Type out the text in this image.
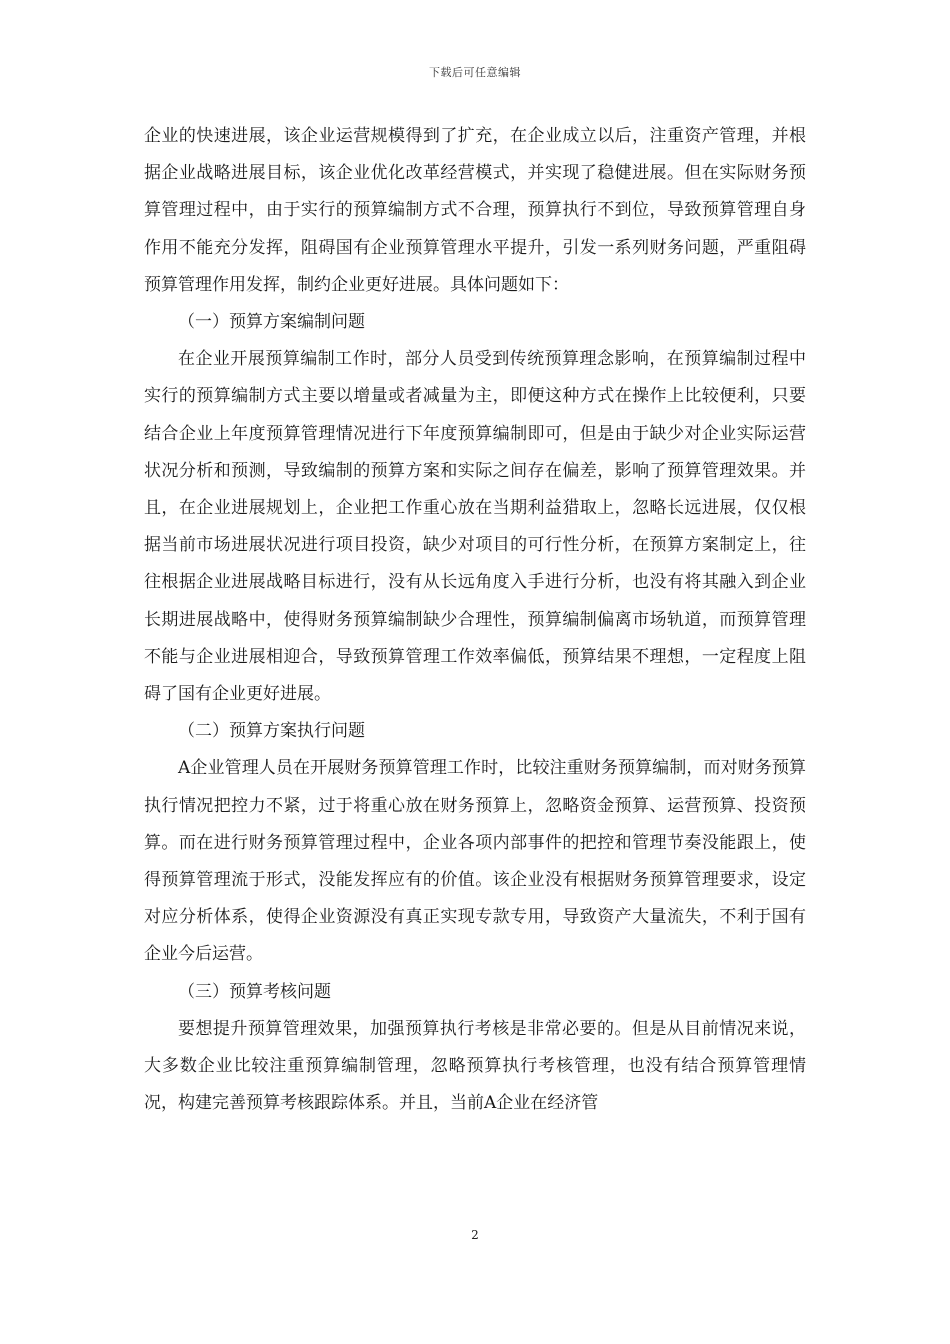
下载后可任意编辑

企业的快速进展，该企业运营规模得到了扩充，在企业成立以后，注重资产管理，并根据企业战略进展目标，该企业优化改革经营模式，并实现了稳健进展。但在实际财务预算管理过程中，由于实行的预算编制方式不合理，预算执行不到位，导致预算管理自身作用不能充分发挥，阻碍国有企业预算管理水平提升，引发一系列财务问题，严重阻碍预算管理作用发挥，制约企业更好进展。具体问题如下：

（一）预算方案编制问题

在企业开展预算编制工作时，部分人员受到传统预算理念影响，在预算编制过程中实行的预算编制方式主要以增量或者减量为主，即便这种方式在操作上比较便利，只要结合企业上年度预算管理情况进行下年度预算编制即可，但是由于缺少对企业实际运营状况分析和预测，导致编制的预算方案和实际之间存在偏差，影响了预算管理效果。并且，在企业进展规划上，企业把工作重心放在当期利益猎取上，忽略长远进展，仅仅根据当前市场进展状况进行项目投资，缺少对项目的可行性分析，在预算方案制定上，往往根据企业进展战略目标进行，没有从长远角度入手进行分析，也没有将其融入到企业长期进展战略中，使得财务预算编制缺少合理性，预算编制偏离市场轨道，而预算管理不能与企业进展相迎合，导致预算管理工作效率偏低，预算结果不理想，一定程度上阻碍了国有企业更好进展。

（二）预算方案执行问题

A企业管理人员在开展财务预算管理工作时，比较注重财务预算编制，而对财务预算执行情况把控力不紧，过于将重心放在财务预算上，忽略资金预算、运营预算、投资预算。而在进行财务预算管理过程中，企业各项内部事件的把控和管理节奏没能跟上，使得预算管理流于形式，没能发挥应有的价值。该企业没有根据财务预算管理要求，设定对应分析体系，使得企业资源没有真正实现专款专用，导致资产大量流失，不利于国有企业今后运营。

（三）预算考核问题

要想提升预算管理效果，加强预算执行考核是非常必要的。但是从目前情况来说，大多数企业比较注重预算编制管理，忽略预算执行考核管理，也没有结合预算管理情况，构建完善预算考核跟踪体系。并且，当前A企业在经济管

2
